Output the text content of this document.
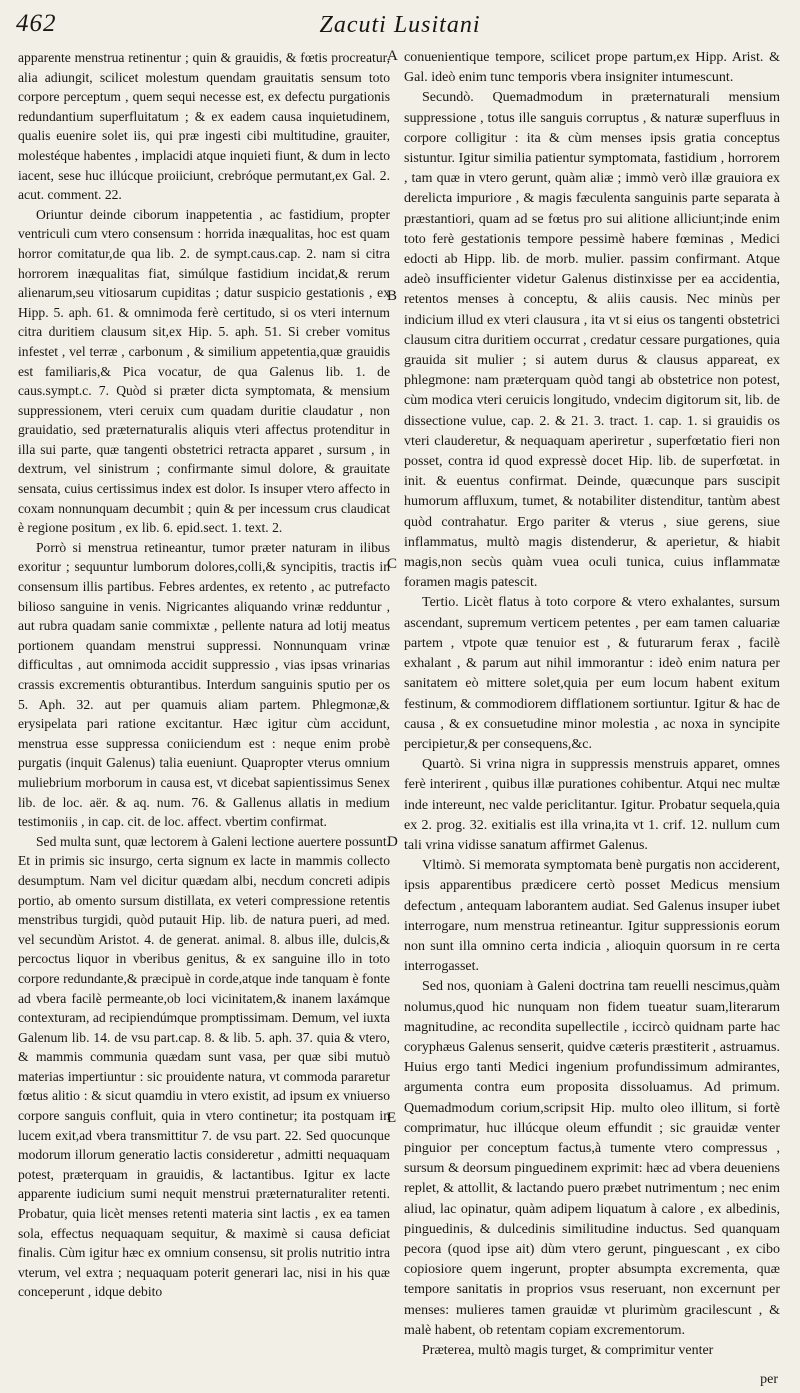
462	Zacuti Lusitani

apparente menstrua retinentur ; quin & grauidis, & fœtis procreatur, alia adiungit, scilicet molestum quendam grauitatis sensum toto corpore perceptum , quem sequi necesse est, ex defectu purgationis redundantium superfluitatum ; & ex eadem causa inquietudinem, qualis euenire solet iis, qui præ ingesti cibi multitudine, grauiter, molestéque habentes , implacidi atque inquieti fiunt, & dum in lecto iacent, sese huc illúcque proiiciunt, crebróque permutant,ex Gal. 2. acut. comment. 22.

Oriuntur deinde ciborum inappetentia , ac fastidium, propter ventriculi cum vtero consensum : horrida inæqualitas, hoc est quam horror comitatur,de qua lib. 2. de sympt.caus.cap. 2. nam si citra horrorem inæqualitas fiat, simúlque fastidium incidat,& rerum alienarum,seu vitiosarum cupiditas ; datur suspicio gestationis , ex Hipp. 5. aph. 61. & omnimoda ferè certitudo, si os vteri internum citra duritiem clausum sit,ex Hip. 5. aph. 51. Si creber vomitus infestet , vel terræ , carbonum , & similium appetentia,quæ grauidis est familiaris,& Pica vocatur, de qua Galenus lib. 1. de caus.sympt.c. 7. Quòd si præter dicta symptomata, & mensium suppressionem, vteri ceruix cum quadam duritie claudatur , non grauidatio, sed præternaturalis aliquis vteri affectus protenditur in illa sui parte, quæ tangenti obstetrici retracta apparet , sursum , in dextrum, vel sinistrum ; confirmante simul dolore, & grauitate sensata, cuius certissimus index est dolor. Is insuper vtero affecto in coxam nonnunquam decumbit ; quin & per incessum crus claudicat è regione positum , ex lib. 6. epid.sect. 1. text. 2.

Porrò si menstrua retineantur, tumor præter naturam in ilibus exoritur ; sequuntur lumborum dolores,colli,& syncipitis, tractis in consensum illis partibus. Febres ardentes, ex retento , ac putrefacto bilioso sanguine in venis. Nigricantes aliquando vrinæ redduntur , aut rubra quadam sanie commixtæ , pellente natura ad lotij meatus portionem quandam menstrui suppressi. Nonnunquam vrinæ difficultas , aut omnimoda accidit suppressio , vias ipsas vrinarias crassis excrementis obturantibus. Interdum sanguinis sputio per os 5. Aph. 32. aut per quamuis aliam partem. Phlegmonæ,& erysipelata pari ratione excitantur. Hæc igitur cùm accidunt, menstrua esse suppressa coniiciendum est : neque enim probè purgatis (inquit Galenus) talia eueniunt. Quapropter vterus omnium muliebrium morborum in causa est, vt dicebat sapientissimus Senex lib. de loc. aër. & aq. num. 76. & Gallenus allatis in medium testimoniis , in cap. cit. de loc. affect. vbertim confirmat.

Sed multa sunt, quæ lectorem à Galeni lectione auertere possunt. Et in primis sic insurgo, certa signum ex lacte in mammis collecto desumptum. Nam vel dicitur quædam albi, necdum concreti adipis portio, ab omento sursum distillata, ex veteri compressione retentis menstribus turgidi, quòd putauit Hip. lib. de natura pueri, ad med. vel secundùm Aristot. 4. de generat. animal. 8. albus ille, dulcis,& percoctus liquor in vberibus genitus, & ex sanguine illo in toto corpore redundante,& præcipuè in corde,atque inde tanquam è fonte ad vbera facilè permeante,ob loci vicinitatem,& inanem laxámque contexturam, ad recipiendúmque promptissimam. Demum, vel iuxta Galenum lib. 14. de vsu part.cap. 8. & lib. 5. aph. 37. quia & vtero, & mammis communia quædam sunt vasa, per quæ sibi mutuò materias impertiuntur : sic prouidente natura, vt commoda pararetur fœtus alitio : & sicut quamdiu in vtero existit, ad ipsum ex vniuerso corpore sanguis confluit, quia in vtero continetur; ita postquam in lucem exit,ad vbera transmittitur 7. de vsu part. 22. Sed quocunque modorum illorum generatio lactis consideretur , admitti nequaquam potest, præterquam in grauidis, & lactantibus. Igitur ex lacte apparente iudicium sumi nequit menstrui præternaturaliter retenti. Probatur, quia licèt menses retenti materia sint lactis , ex ea tamen sola, effectus nequaquam sequitur, & maximè si causa deficiat finalis. Cùm igitur hæc ex omnium consensu, sit prolis nutritio intra vterum, vel extra ; nequaquam poterit generari lac, nisi in his quæ conceperunt , idque debito

A
B
C
D
E

conuenientique tempore, scilicet prope partum,ex Hipp. Arist. & Gal. ideò enim tunc temporis vbera insigniter intumescunt.

Secundò. Quemadmodum in præternaturali mensium suppressione , totus ille sanguis corruptus , & naturæ superfluus in corpore colligitur : ita & cùm menses ipsis gratia conceptus sistuntur. Igitur similia patientur symptomata, fastidium , horrorem , tam quæ in vtero gerunt, quàm aliæ ; immò verò illæ grauiora ex derelicta impuriore , & magis fæculenta sanguinis parte separata à præstantiori, quam ad se fœtus pro sui alitione alliciunt;inde enim toto ferè gestationis tempore pessimè habere fœminas , Medici edocti ab Hipp. lib. de morb. mulier. passim confirmant. Atque adeò insufficienter videtur Galenus distinxisse per ea accidentia, retentos menses à conceptu, & aliis causis. Nec minùs per indicium illud ex vteri clausura , ita vt si eius os tangenti obstetrici clausum citra duritiem occurrat , credatur cessare purgationes, quia grauida sit mulier ; si autem durus & clausus appareat, ex phlegmone: nam præterquam quòd tangi ab obstetrice non potest, cùm modica vteri ceruicis longitudo, vndecim digitorum sit, lib. de dissectione vulue, cap. 2. & 21. 3. tract. 1. cap. 1. si grauidis os vteri clauderetur, & nequaquam aperiretur , superfœtatio fieri non posset, contra id quod expressè docet Hip. lib. de superfœtat. in init. & euentus confirmat. Deinde, quæcunque pars suscipit humorum affluxum, tumet, & notabiliter distenditur, tantùm abest quòd contrahatur. Ergo pariter & vterus , siue gerens, siue inflammatus, multò magis distenderur, & aperietur, & hiabit magis,non secùs quàm vuea oculi tunica, cuius inflammatæ foramen magis patescit.

Tertio. Licèt flatus à toto corpore & vtero exhalantes, sursum ascendant, supremum verticem petentes , per eam tamen caluariæ partem , vtpote quæ tenuior est , & futurarum ferax , facilè exhalant , & parum aut nihil immorantur : ideò enim natura per sanitatem eò mittere solet,quia per eum locum habent exitum festinum, & commodiorem difflationem sortiuntur. Igitur & hac de causa , & ex consuetudine minor molestia , ac noxa in syncipite percipietur,& per consequens,&c.

Quartò. Si vrina nigra in suppressis menstruis apparet, omnes ferè interirent , quibus illæ purationes cohibentur. Atqui nec multæ inde intereunt, nec valde periclitantur. Igitur. Probatur sequela,quia ex 2. prog. 32. exitialis est illa vrina,ita vt 1. crif. 12. nullum cum tali vrina vidisse sanatum affirmet Galenus.

Vltimò. Si memorata symptomata benè purgatis non acciderent, ipsis apparentibus prædicere certò posset Medicus mensium defectum , antequam laborantem audiat. Sed Galenus insuper iubet interrogare, num menstrua retineantur. Igitur suppressionis eorum non sunt illa omnino certa indicia , alioquin quorsum in re certa interrogasset.

Sed nos, quoniam à Galeni doctrina tam reuelli nescimus,quàm nolumus,quod hic nunquam non fidem tueatur suam,literarum magnitudine, ac recondita supellectile , iccircò quidnam parte hac coryphæus Galenus senserit, quidve cæteris præstiterit , astruamus. Huius ergo tanti Medici ingenium profundissimum admirantes, argumenta contra eum proposita dissoluamus. Ad primum. Quemadmodum corium,scripsit Hip. multo oleo illitum, si fortè comprimatur, huc illúcque oleum effundit ; sic grauidæ venter pinguior per conceptum factus,à tumente vtero compressus , sursum & deorsum pinguedinem exprimit: hæc ad vbera deueniens replet, & attollit, & lactando puero præbet nutrimentum ; nec enim aliud, lac opinatur, quàm adipem liquatum à calore , ex albedinis, pinguedinis, & dulcedinis similitudine inductus. Sed quanquam pecora (quod ipse ait) dùm vtero gerunt, pinguescant , ex cibo copiosiore quem ingerunt, propter absumpta excrementa, quæ tempore sanitatis in proprios vsus reseruant, non excernunt per menses: mulieres tamen grauidæ vt plurimùm gracilescunt , & malè habent, ob retentam copiam excrementorum.

Præterea, multò magis turget, & comprimitur venter

per
